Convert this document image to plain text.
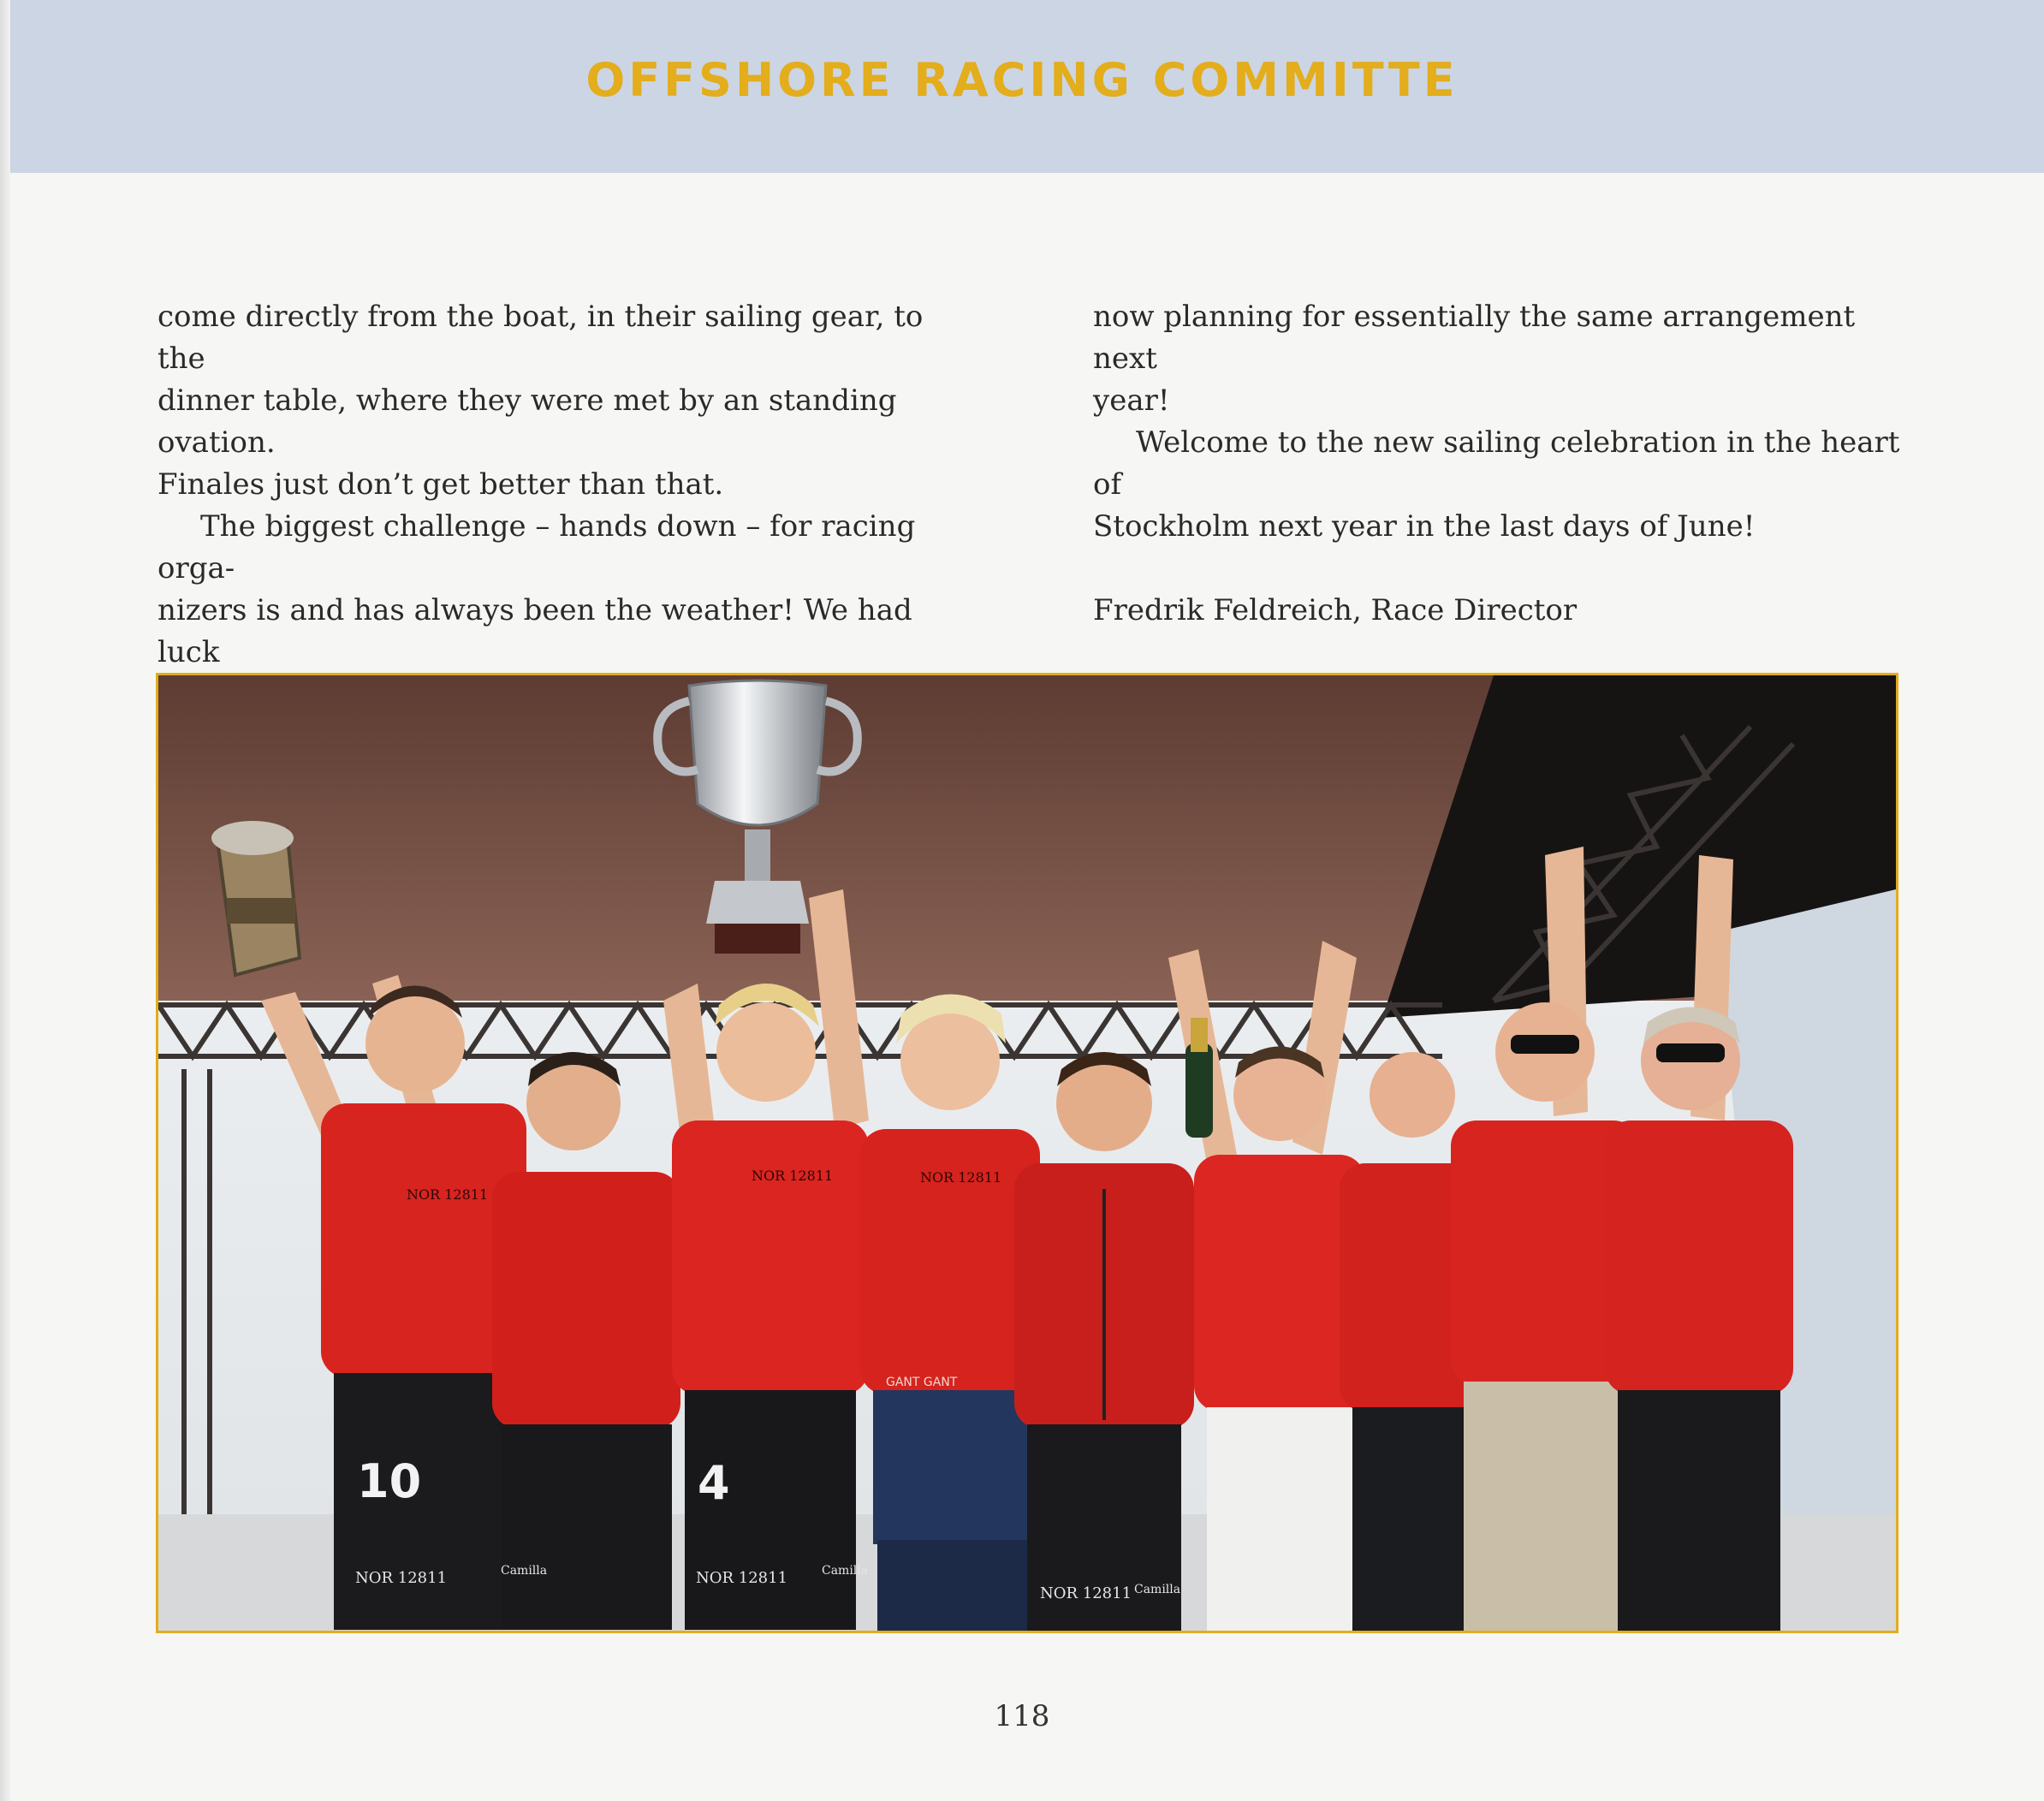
OFFSHORE RACING COMMITTE

come directly from the boat, in their sailing gear, to the
dinner table, where they were met by an standing ovation.
Finales just don’t get better than that.

The biggest challenge – hands down – for racing orga-
nizers is and has always been the weather! We had luck

now planning for essentially the same arrangement next
year!

Welcome to the new sailing celebration in the heart of
Stockholm next year in the last days of June!

Fredrik Feldreich, Race Director

NOR 12811
NOR 12811	NOR 12811
GANT GANT
10	4
NOR 12811	Camilla	NOR 12811	Camilla
NOR 12811 Camilla

118
